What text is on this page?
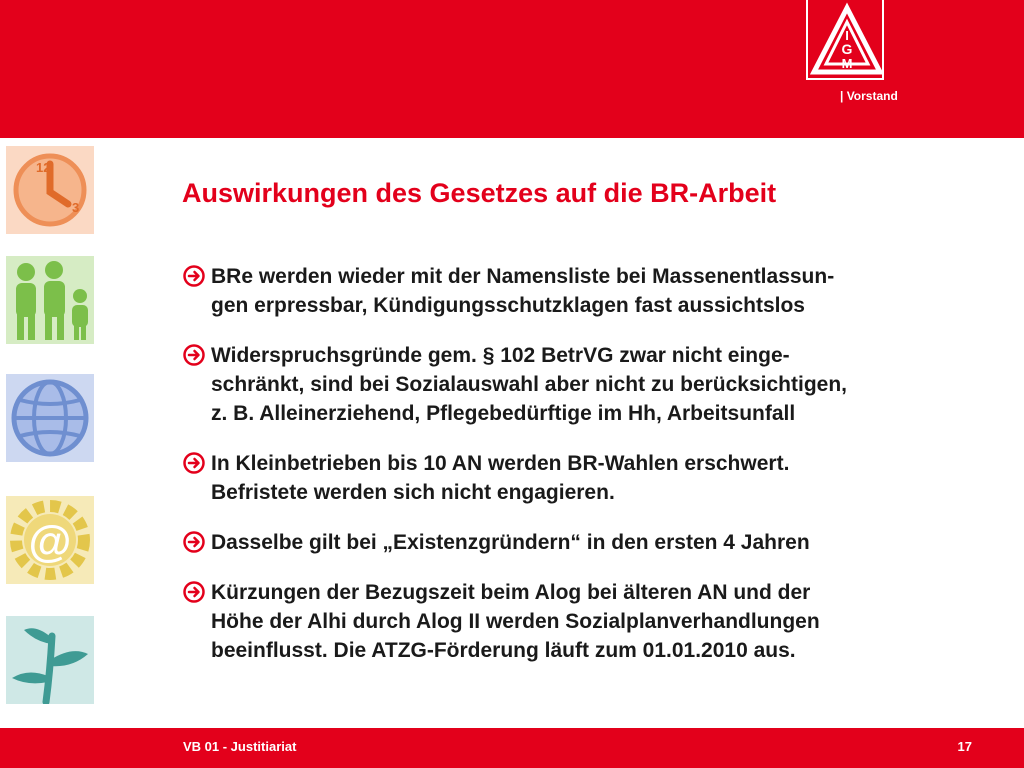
I
G
M
| Vorstand
12
3
@
Auswirkungen des Gesetzes auf die BR-Arbeit
BRe werden wieder mit der Namensliste bei Massenentlassun-
gen erpressbar, Kündigungsschutzklagen fast aussichtslos
Widerspruchsgründe gem. § 102 BetrVG zwar nicht einge-
schränkt, sind bei Sozialauswahl aber nicht zu berücksichtigen,
z. B. Alleinerziehend, Pflegebedürftige im Hh, Arbeitsunfall
In Kleinbetrieben bis 10 AN werden BR-Wahlen erschwert.
Befristete werden sich nicht engagieren.
Dasselbe gilt bei „Existenzgründern“ in den ersten 4 Jahren
Kürzungen der Bezugszeit beim Alog bei älteren AN und der
Höhe der Alhi durch Alog II werden Sozialplanverhandlungen
beeinflusst. Die ATZG-Förderung läuft zum 01.01.2010 aus.
VB 01 - Justitiariat	17
